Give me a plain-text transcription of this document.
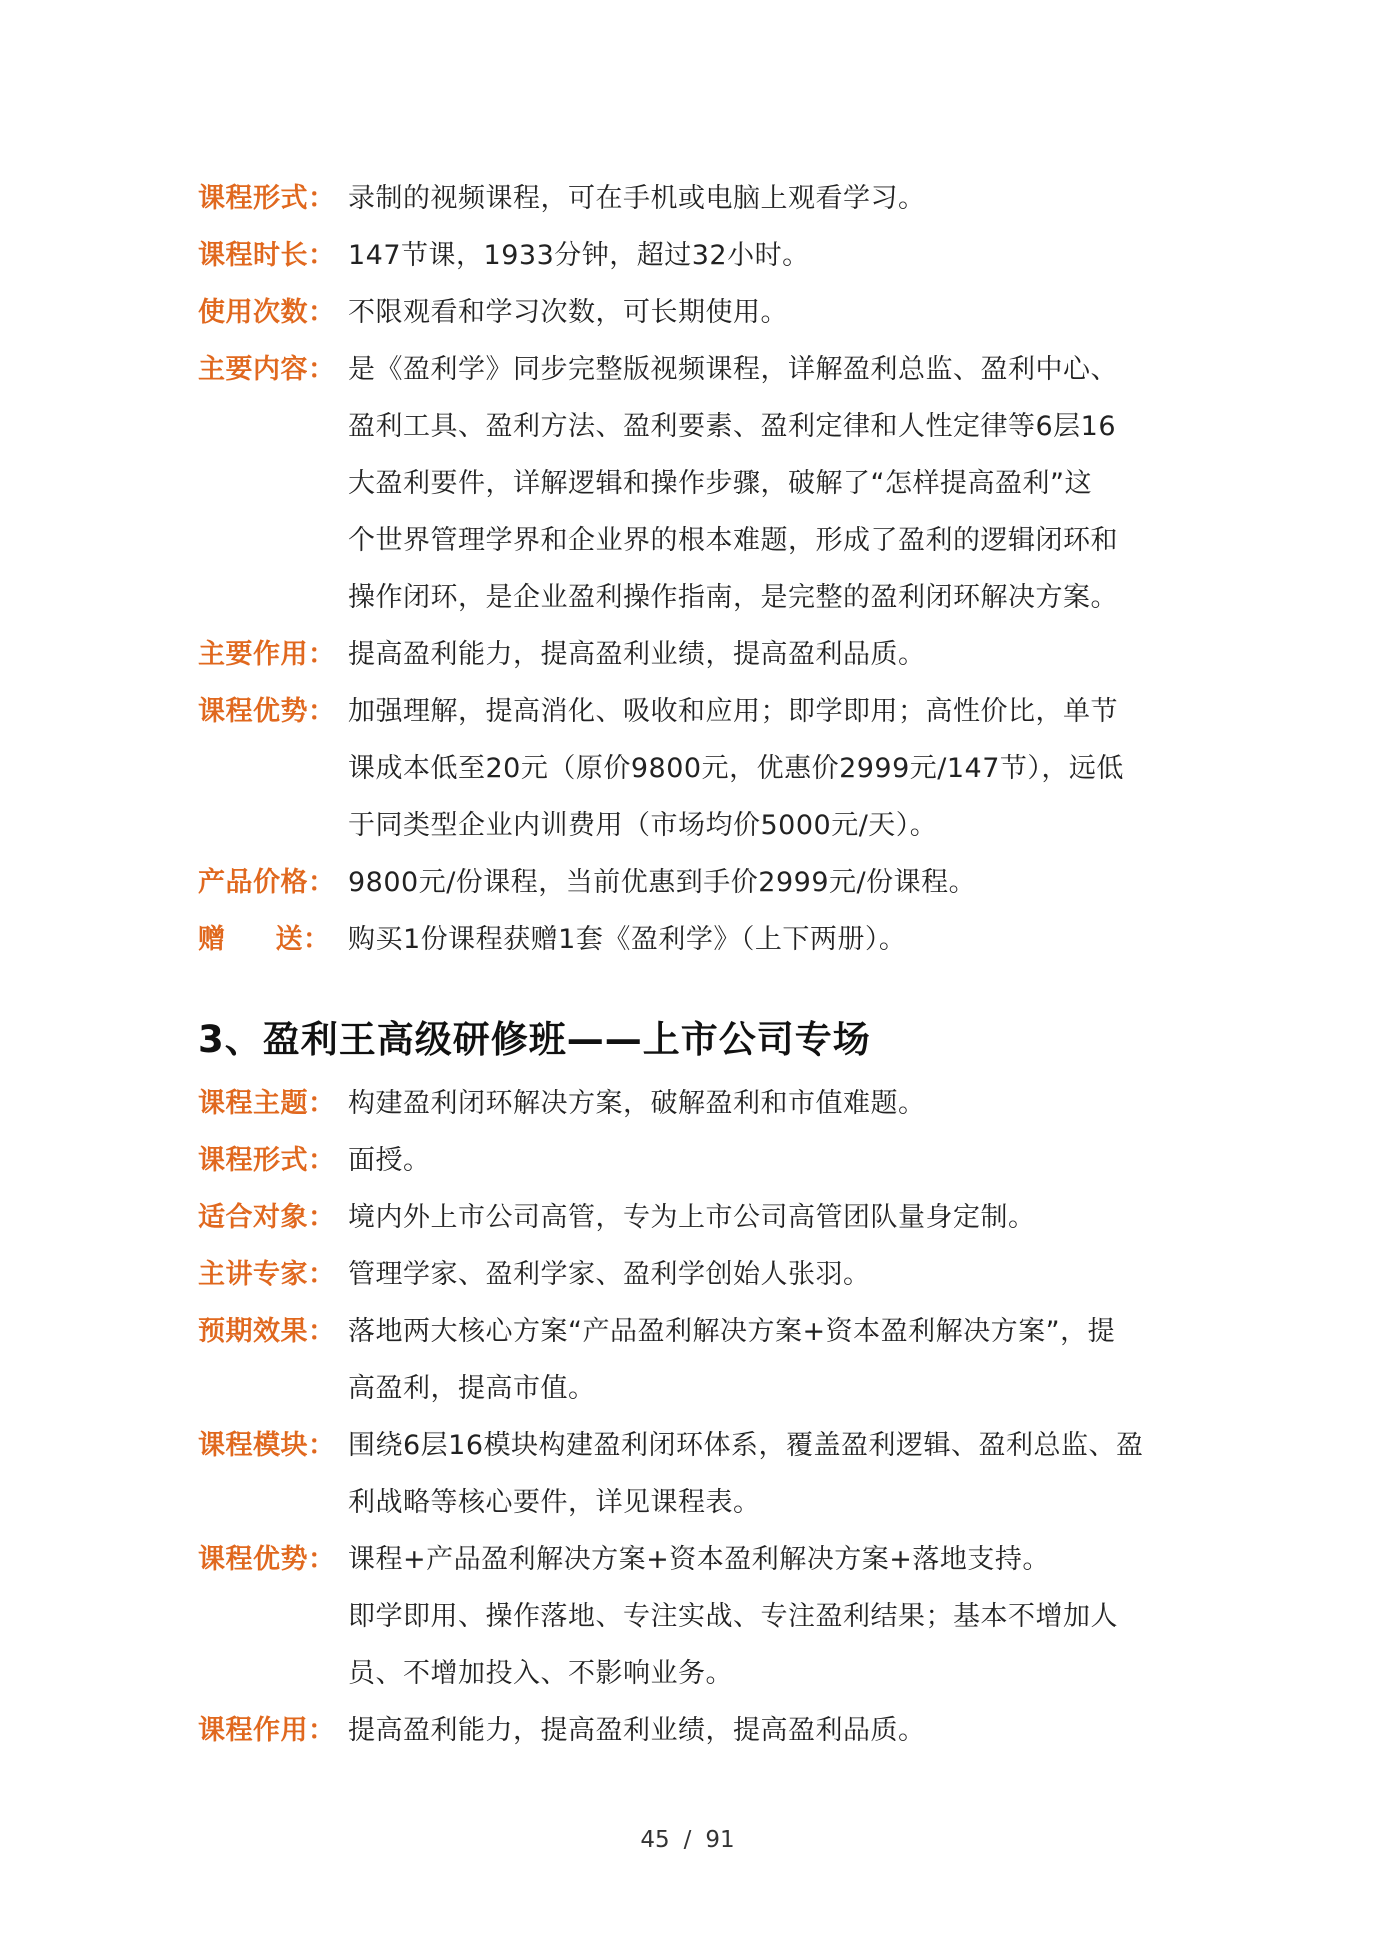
课程形式： 录制的视频课程，可在手机或电脑上观看学习。
课程时长： 147节课，1933分钟，超过32小时。
使用次数： 不限观看和学习次数，可长期使用。
主要内容： 是《盈利学》同步完整版视频课程，详解盈利总监、盈利中心、
盈利工具、盈利方法、盈利要素、盈利定律和人性定律等6层16
大盈利要件，详解逻辑和操作步骤，破解了“怎样提高盈利”这
个世界管理学界和企业界的根本难题，形成了盈利的逻辑闭环和
操作闭环，是企业盈利操作指南，是完整的盈利闭环解决方案。
主要作用： 提高盈利能力，提高盈利业绩，提高盈利品质。
课程优势： 加强理解，提高消化、吸收和应用；即学即用；高性价比，单节
课成本低至20元（原价9800元，优惠价2999元/147节），远低
于同类型企业内训费用（市场均价5000元/天）。
产品价格： 9800元/份课程，当前优惠到手价2999元/份课程。
赠 送： 购买1份课程获赠1套《盈利学》（上下两册）。
3、盈利王高级研修班——上市公司专场
课程主题： 构建盈利闭环解决方案，破解盈利和市值难题。
课程形式： 面授。
适合对象： 境内外上市公司高管，专为上市公司高管团队量身定制。
主讲专家： 管理学家、盈利学家、盈利学创始人张羽。
预期效果： 落地两大核心方案“产品盈利解决方案+资本盈利解决方案”，提
高盈利，提高市值。
课程模块： 围绕6层16模块构建盈利闭环体系，覆盖盈利逻辑、盈利总监、盈
利战略等核心要件，详见课程表。
课程优势： 课程+产品盈利解决方案+资本盈利解决方案+落地支持。
即学即用、操作落地、专注实战、专注盈利结果；基本不增加人
员、不增加投入、不影响业务。
课程作用： 提高盈利能力，提高盈利业绩，提高盈利品质。
45 / 91
